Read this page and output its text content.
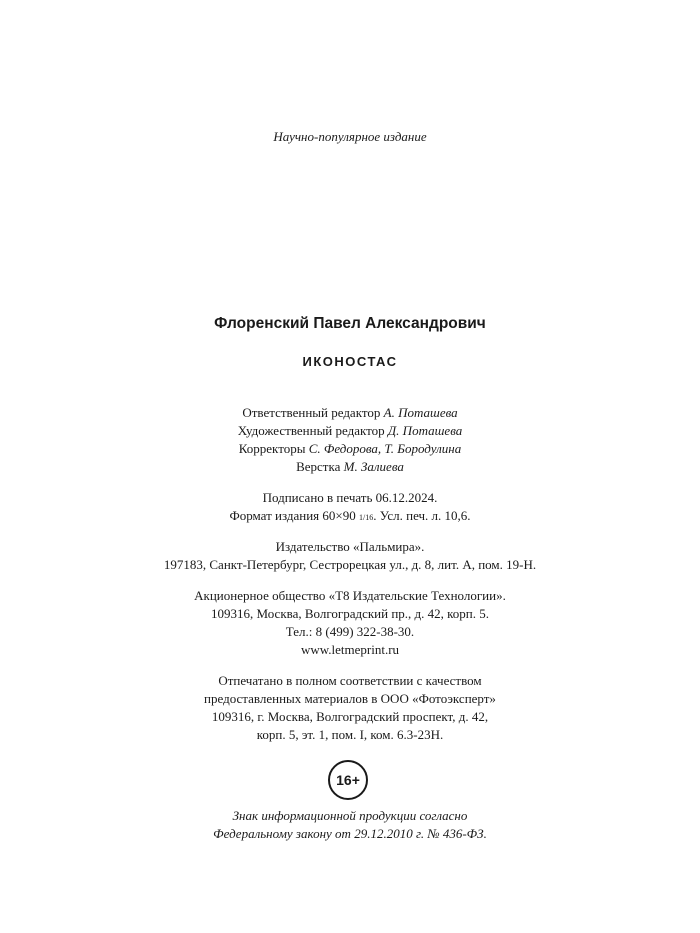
Научно-популярное издание
Флоренский Павел Александрович
ИКОНОСТАС
Ответственный редактор А. Поташева
Художественный редактор Д. Поташева
Корректоры С. Федорова, Т. Бородулина
Верстка М. Залиева
Подписано в печать 06.12.2024.
Формат издания 60×90 1/16. Усл. печ. л. 10,6.
Издательство «Пальмира».
197183, Санкт-Петербург, Сестрорецкая ул., д. 8, лит. А, пом. 19-Н.
Акционерное общество «Т8 Издательские Технологии».
109316, Москва, Волгоградский пр., д. 42, корп. 5.
Тел.: 8 (499) 322-38-30.
www.letmeprint.ru
Отпечатано в полном соответствии с качеством
предоставленных материалов в ООО «Фотоэксперт»
109316, г. Москва, Волгоградский проспект, д. 42,
корп. 5, эт. 1, пом. I, ком. 6.3-23Н.
16+
Знак информационной продукции согласно
Федеральному закону от 29.12.2010 г. № 436-ФЗ.
